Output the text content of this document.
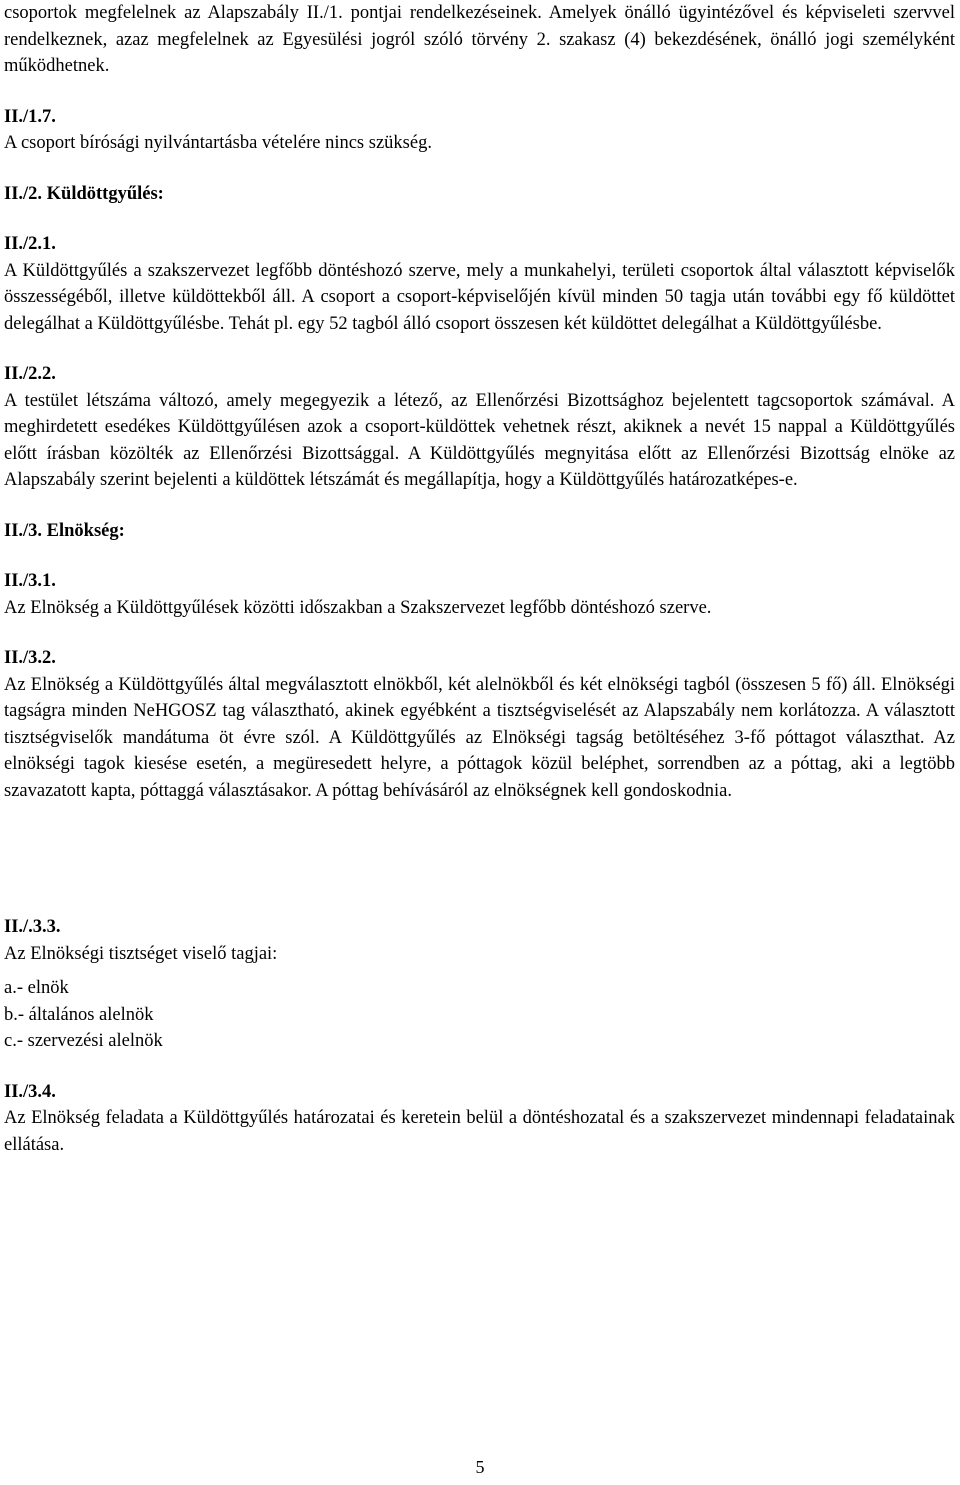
csoportok megfelelnek az Alapszabály II./1. pontjai rendelkezéseinek. Amelyek önálló ügyintézővel és képviseleti szervvel rendelkeznek, azaz megfelelnek az Egyesülési jogról szóló törvény 2. szakasz (4) bekezdésének, önálló jogi személyként működhetnek.

II./1.7.

A csoport bírósági nyilvántartásba vételére nincs szükség.

II./2. Küldöttgyűlés:

II./2.1.

A Küldöttgyűlés a szakszervezet legfőbb döntéshozó szerve, mely a munkahelyi, területi csoportok által választott képviselők összességéből, illetve küldöttekből áll. A csoport a csoport-képviselőjén kívül minden 50 tagja után további egy fő küldöttet delegálhat a Küldöttgyűlésbe. Tehát pl. egy 52 tagból álló csoport összesen két küldöttet delegálhat a Küldöttgyűlésbe.

II./2.2.

A testület létszáma változó, amely megegyezik a létező, az Ellenőrzési Bizottsághoz bejelentett tagcsoportok számával. A meghirdetett esedékes Küldöttgyűlésen azok a csoport-küldöttek vehetnek részt, akiknek a nevét 15 nappal a Küldöttgyűlés előtt írásban közölték az Ellenőrzési Bizottsággal. A Küldöttgyűlés megnyitása előtt az Ellenőrzési Bizottság elnöke az Alapszabály szerint bejelenti a küldöttek létszámát és megállapítja, hogy a Küldöttgyűlés határozatképes-e.

II./3. Elnökség:

II./3.1.

Az Elnökség a Küldöttgyűlések közötti időszakban a Szakszervezet legfőbb döntéshozó szerve.

II./3.2.

Az Elnökség a Küldöttgyűlés által megválasztott elnökből, két alelnökből és két elnökségi tagból (összesen 5 fő) áll. Elnökségi tagságra minden NeHGOSZ tag választható, akinek egyébként a tisztségviselését az Alapszabály nem korlátozza. A választott tisztségviselők mandátuma öt évre szól. A Küldöttgyűlés az Elnökségi tagság betöltéséhez 3-fő póttagot választhat. Az elnökségi tagok kiesése esetén, a megüresedett helyre, a póttagok közül beléphet, sorrendben az a póttag, aki a legtöbb szavazatott kapta, póttaggá választásakor. A póttag behívásáról az elnökségnek kell gondoskodnia.

II./.3.3.

Az Elnökségi tisztséget viselő tagjai:

a.- elnök

b.- általános alelnök

c.- szervezési alelnök

II./3.4.

Az Elnökség feladata a Küldöttgyűlés határozatai és keretein belül a döntéshozatal és a szakszervezet mindennapi feladatainak ellátása.

5
